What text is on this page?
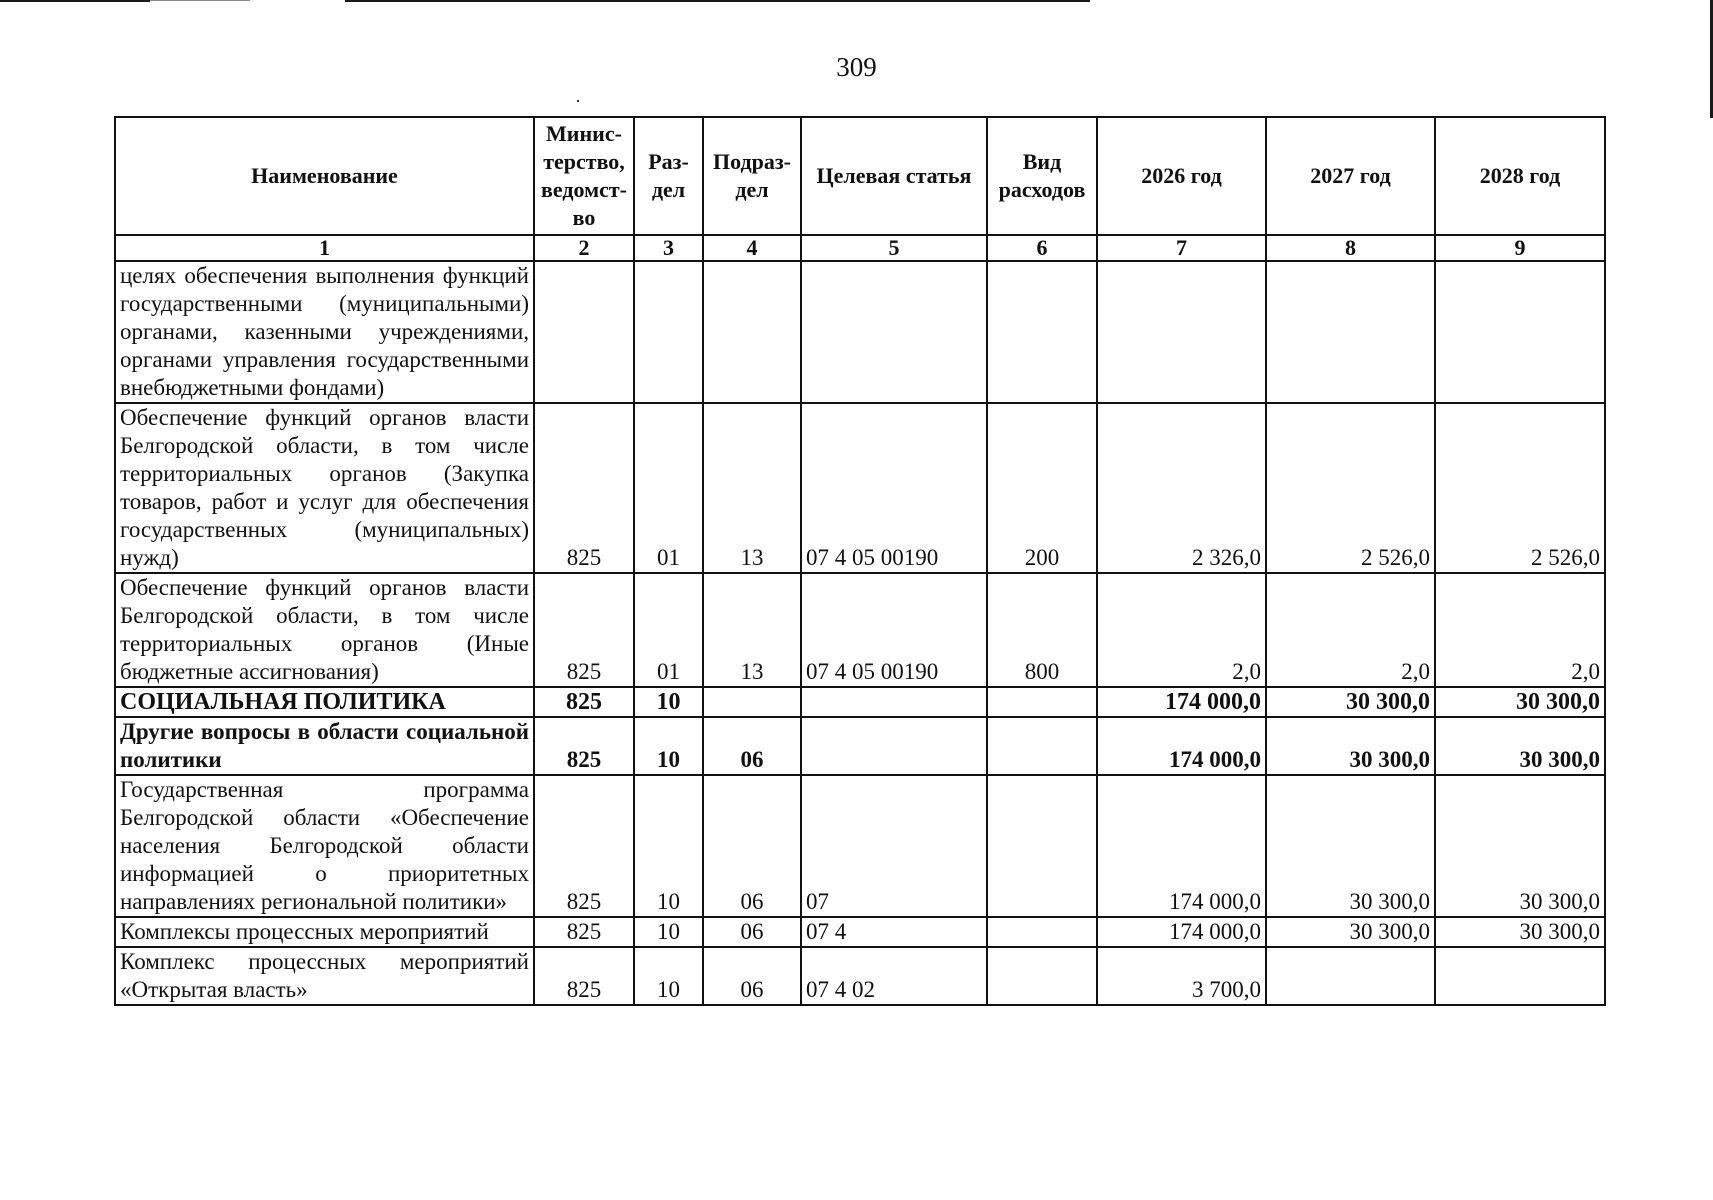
309
Наименование	Минис-терство, ведомст-во	Раз-дел	Подраз-дел	Целевая статья	Вид расходов	2026 год	2027 год	2028 год
1	2	3	4	5	6	7	8	9
целях обеспечения выполнения функций государственными (муниципальными) органами, казенными учреждениями, органами управления государственными внебюджетными фондами)								
Обеспечение функций органов власти Белгородской области, в том числе территориальных органов (Закупка товаров, работ и услуг для обеспечения государственных (муниципальных) нужд)	825	01	13	07 4 05 00190	200	2 326,0	2 526,0	2 526,0
Обеспечение функций органов власти Белгородской области, в том числе территориальных органов (Иные бюджетные ассигнования)	825	01	13	07 4 05 00190	800	2,0	2,0	2,0
СОЦИАЛЬНАЯ ПОЛИТИКА	825	10				174 000,0	30 300,0	30 300,0
Другие вопросы в области социальной политики	825	10	06			174 000,0	30 300,0	30 300,0
Государственная программа Белгородской области «Обеспечение населения Белгородской области информацией о приоритетных направлениях региональной политики»	825	10	06	07		174 000,0	30 300,0	30 300,0
Комплексы процессных мероприятий	825	10	06	07 4		174 000,0	30 300,0	30 300,0
Комплекс процессных мероприятий «Открытая власть»	825	10	06	07 4 02		3 700,0		
